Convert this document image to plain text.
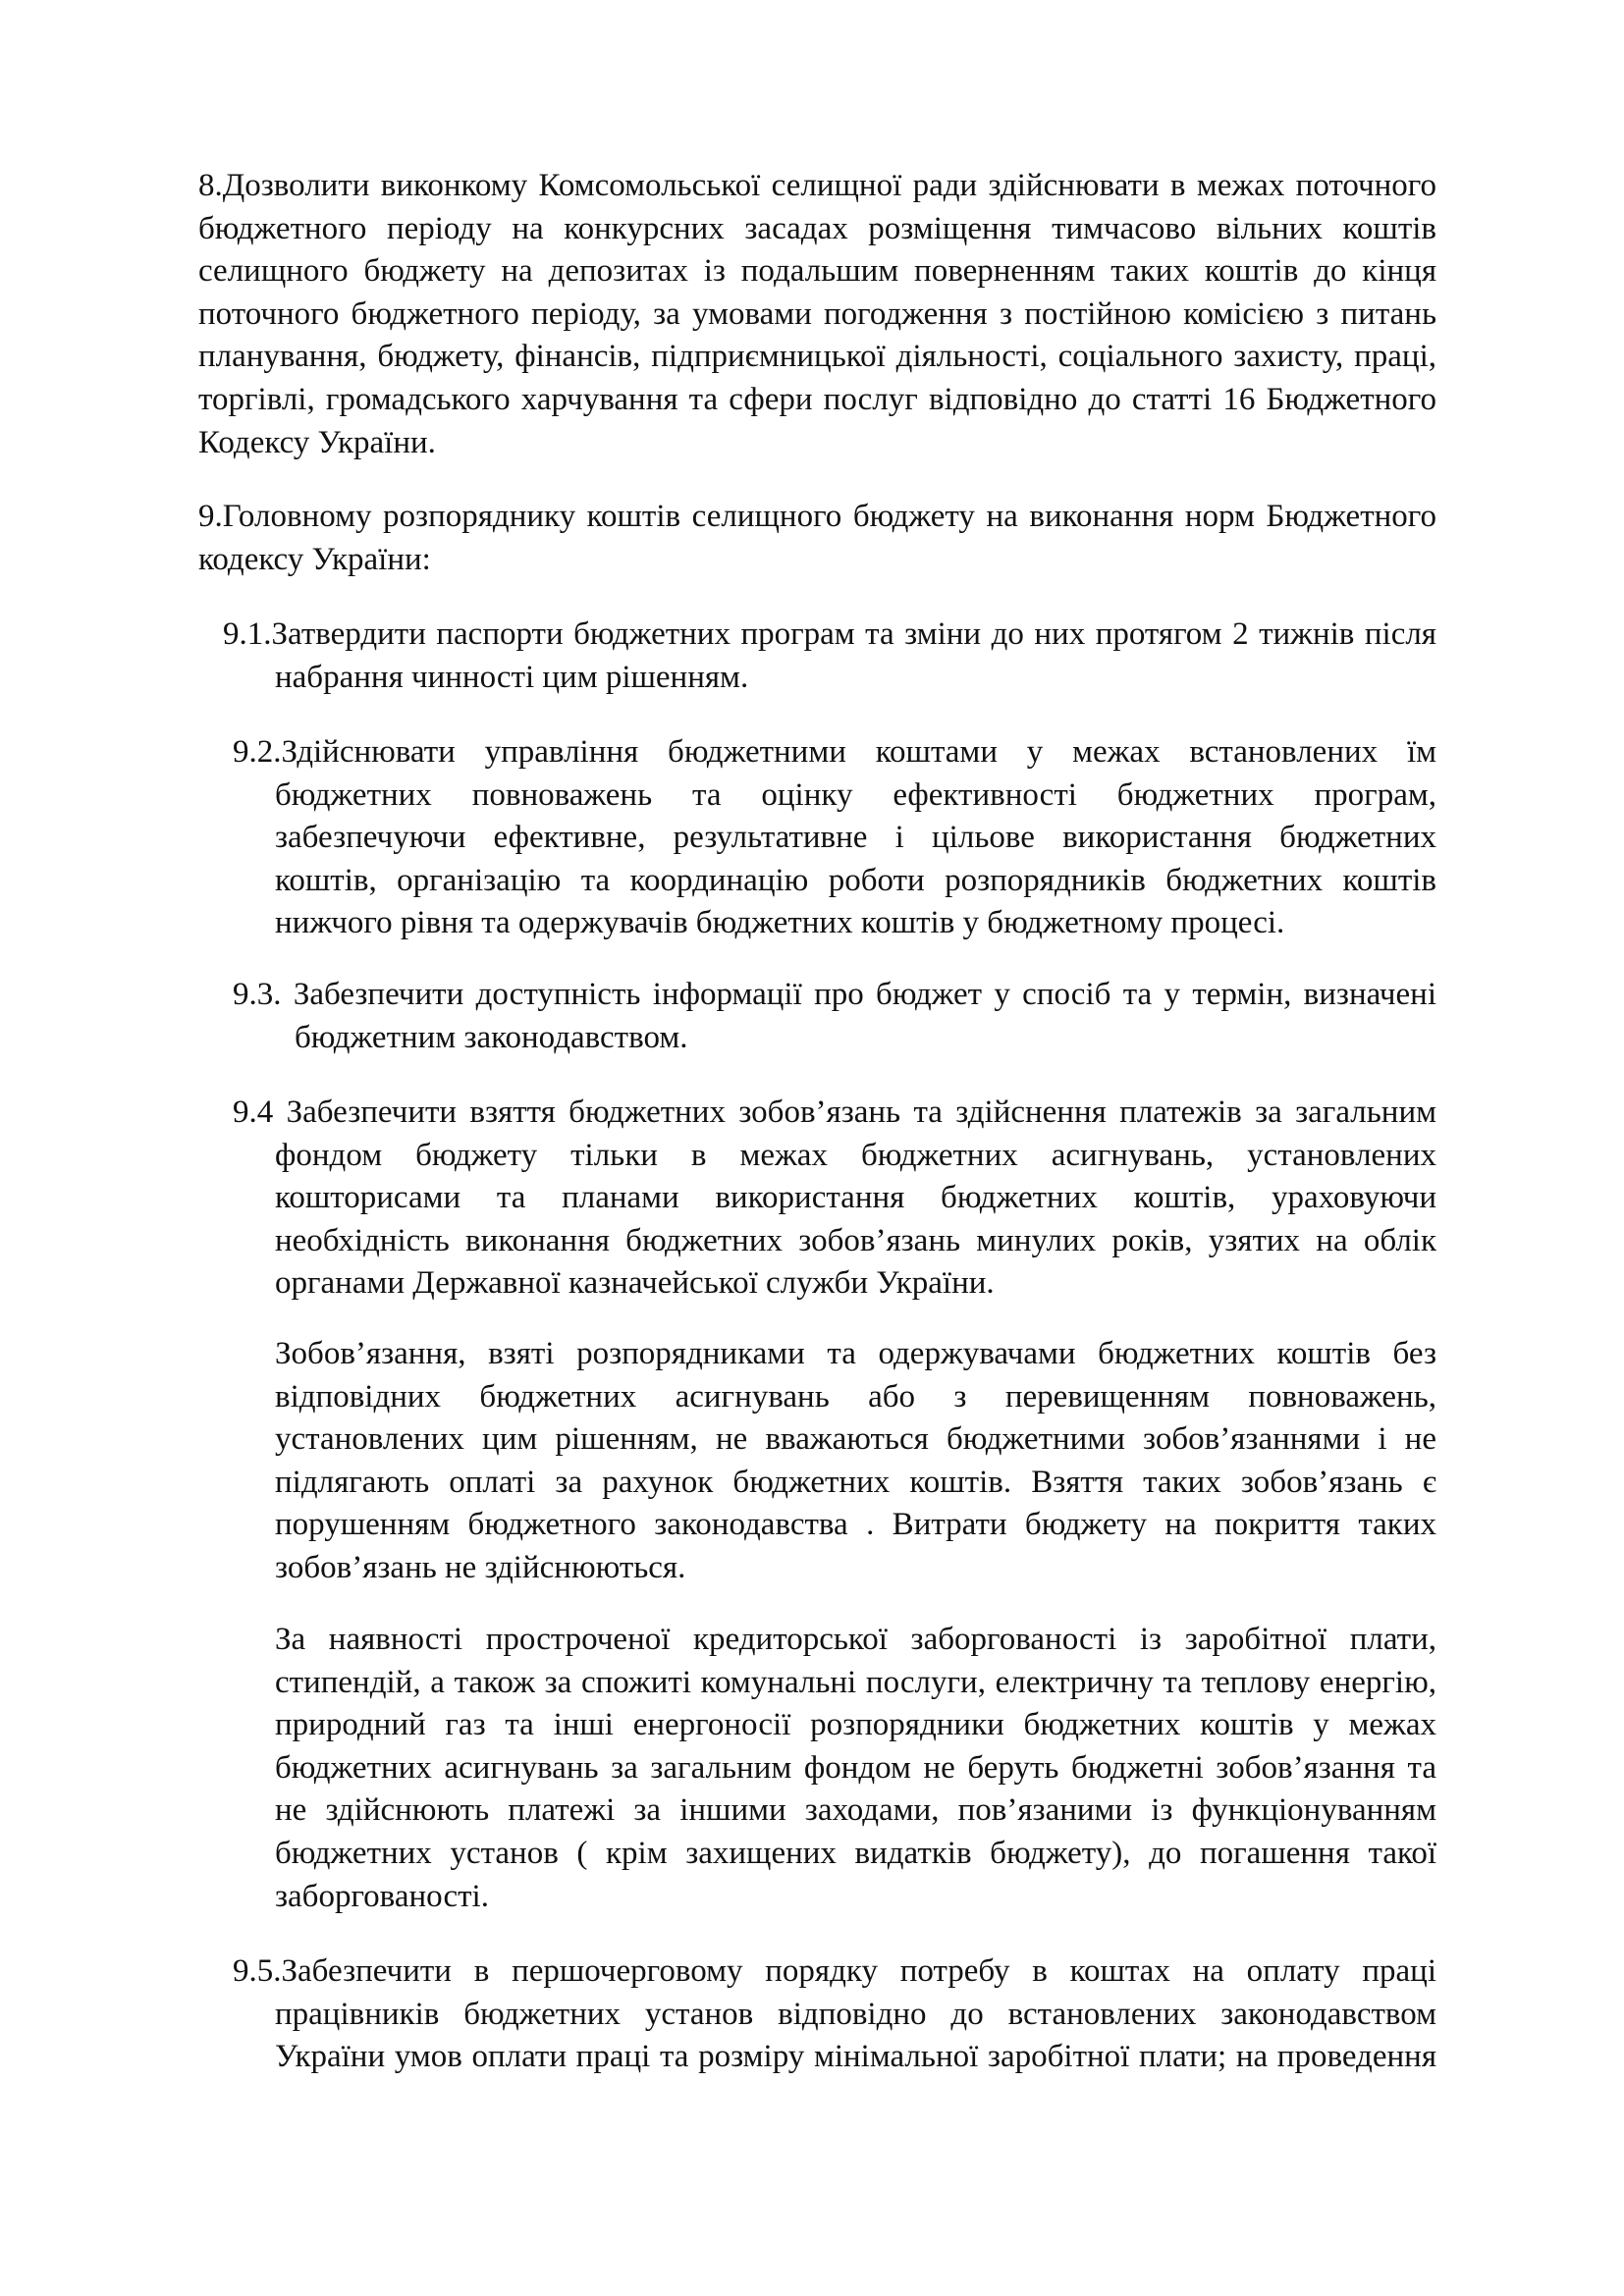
8.Дозволити виконкому Комсомольської селищної ради здійснювати в межах поточного
бюджетного періоду на конкурсних засадах розміщення тимчасово вільних коштів
селищного бюджету на депозитах із подальшим поверненням таких коштів до кінця
поточного бюджетного періоду, за умовами погодження з постійною комісією з питань
планування, бюджету, фінансів, підприємницької діяльності, соціального захисту, праці,
торгівлі, громадського харчування та сфери послуг відповідно до статті 16 Бюджетного
Кодексу України.
9.Головному розпоряднику коштів селищного бюджету на виконання норм Бюджетного
кодексу України:
9.1.Затвердити паспорти бюджетних програм та зміни до них протягом 2 тижнів після
набрання чинності цим рішенням.
9.2.Здійснювати управління бюджетними коштами у межах встановлених їм
бюджетних повноважень та оцінку ефективності бюджетних програм,
забезпечуючи ефективне, результативне і цільове використання бюджетних
коштів, організацію та координацію роботи розпорядників бюджетних коштів
нижчого рівня та одержувачів бюджетних коштів у бюджетному процесі.
9.3. Забезпечити доступність інформації про бюджет у спосіб та у термін, визначені
бюджетним законодавством.
9.4 Забезпечити взяття бюджетних зобов’язань та здійснення платежів за загальним
фондом бюджету тільки в межах бюджетних асигнувань, установлених
кошторисами та планами використання бюджетних коштів, ураховуючи
необхідність виконання бюджетних зобов’язань минулих років, узятих на облік
органами Державної казначейської служби України.
Зобов’язання, взяті розпорядниками та одержувачами бюджетних коштів без
відповідних бюджетних асигнувань або з перевищенням повноважень,
установлених цим рішенням, не вважаються бюджетними зобов’язаннями і не
підлягають оплаті за рахунок бюджетних коштів. Взяття таких зобов’язань є
порушенням бюджетного законодавства . Витрати бюджету на покриття таких
зобов’язань не здійснюються.
За наявності простроченої кредиторської заборгованості із заробітної плати,
стипендій, а також за спожиті комунальні послуги, електричну та теплову енергію,
природний газ та інші енергоносії розпорядники бюджетних коштів у межах
бюджетних асигнувань за загальним фондом не беруть бюджетні зобов’язання та
не здійснюють платежі за іншими заходами, пов’язаними із функціонуванням
бюджетних установ ( крім захищених видатків бюджету), до погашення такої
заборгованості.
9.5.Забезпечити в першочерговому порядку потребу в коштах на оплату праці
працівників бюджетних установ відповідно до встановлених законодавством
України умов оплати праці та розміру мінімальної заробітної плати; на проведення
